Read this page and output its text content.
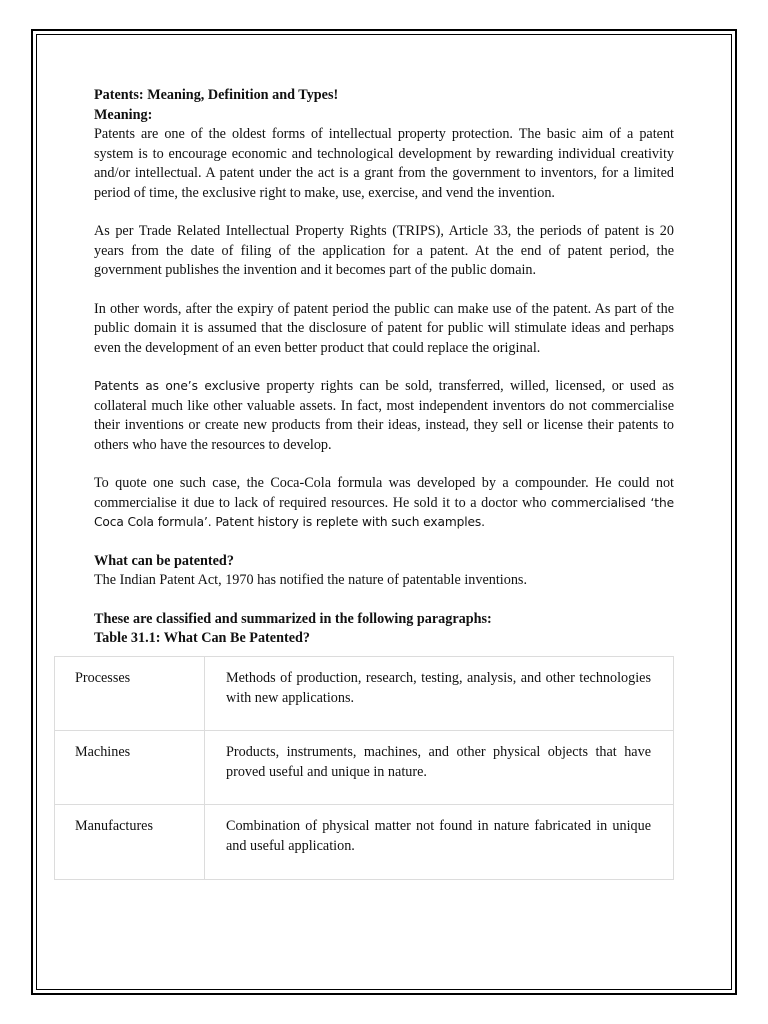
Patents: Meaning, Definition and Types!

Meaning:

Patents are one of the oldest forms of intellectual property protection. The basic aim of a patent system is to encourage economic and technological development by rewarding individual creativity and/or intellectual. A patent under the act is a grant from the government to inventors, for a limited period of time, the exclusive right to make, use, exercise, and vend the invention.

As per Trade Related Intellectual Property Rights (TRIPS), Article 33, the periods of patent is 20 years from the date of filing of the application for a patent. At the end of patent period, the government publishes the invention and it becomes part of the public domain.

In other words, after the expiry of patent period the public can make use of the patent. As part of the public domain it is assumed that the disclosure of patent for public will stimulate ideas and perhaps even the development of an even better product that could replace the original.

Patents as one’s exclusive property rights can be sold, transferred, willed, licensed, or used as collateral much like other valuable assets. In fact, most independent inventors do not commercialise their inventions or create new products from their ideas, instead, they sell or license their patents to others who have the resources to develop.

To quote one such case, the Coca-Cola formula was developed by a compounder. He could not commercialise it due to lack of required resources. He sold it to a doctor who commercialised ‘the Coca Cola formula’. Patent history is replete with such examples.

What can be patented?

The Indian Patent Act, 1970 has notified the nature of patentable inventions.

These are classified and summarized in the following paragraphs:

Table 31.1: What Can Be Patented?

Processes	Methods of production, research, testing, analysis, and other technologies with new applications.
Machines	Products, instruments, machines, and other physical objects that have proved useful and unique in nature.
Manufactures	Combination of physical matter not found in nature fabricated in unique and useful application.
